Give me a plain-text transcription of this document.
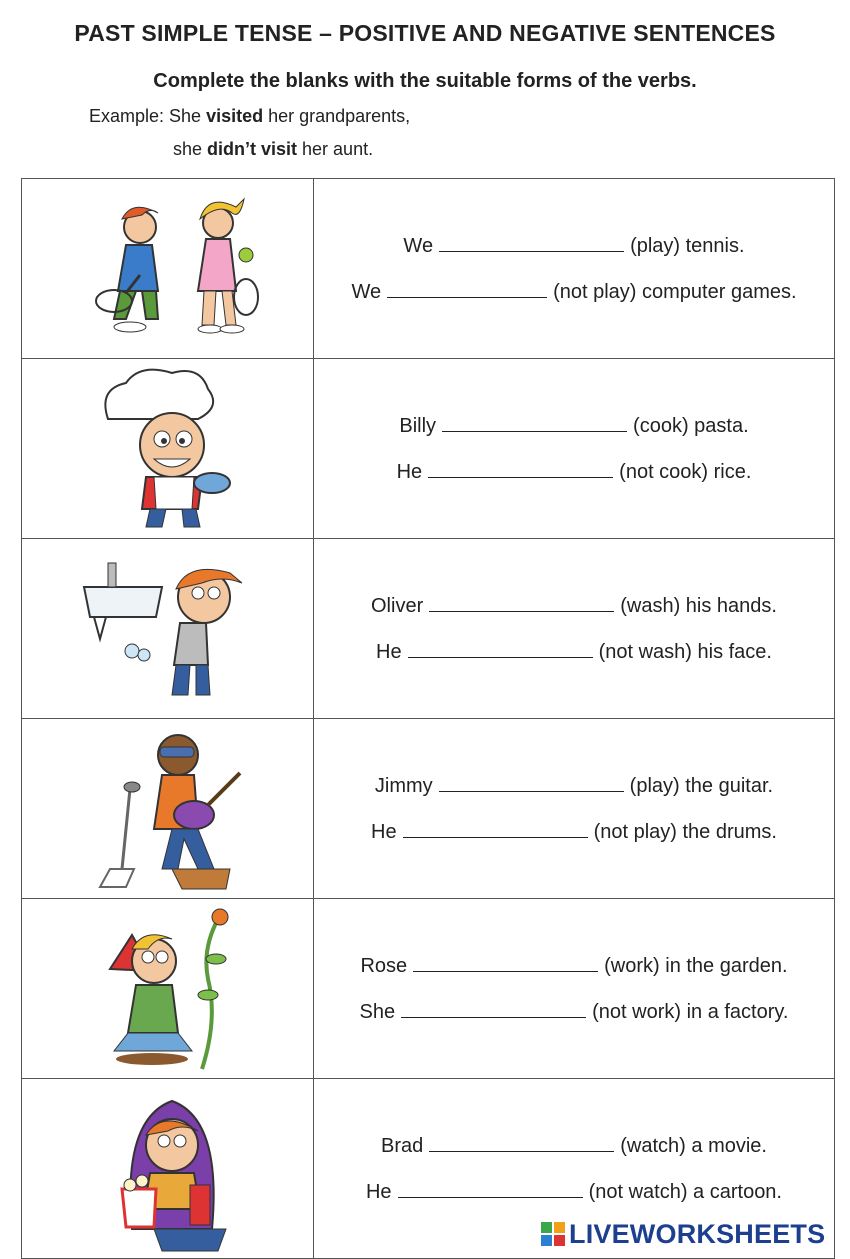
PAST SIMPLE TENSE – POSITIVE AND NEGATIVE SENTENCES
Complete the blanks with the suitable forms of the verbs.
Example: She visited her grandparents,
she didn’t visit her aunt.

We (play) tennis.
We (not play) computer games.

Billy (cook) pasta.
He (not cook) rice.

Oliver (wash) his hands.
He (not wash) his face.

Jimmy (play) the guitar.
He (not play) the drums.

Rose (work) in the garden.
She (not work) in a factory.

Brad (watch) a movie.
He (not watch) a cartoon.
LIVEWORKSHEETS
